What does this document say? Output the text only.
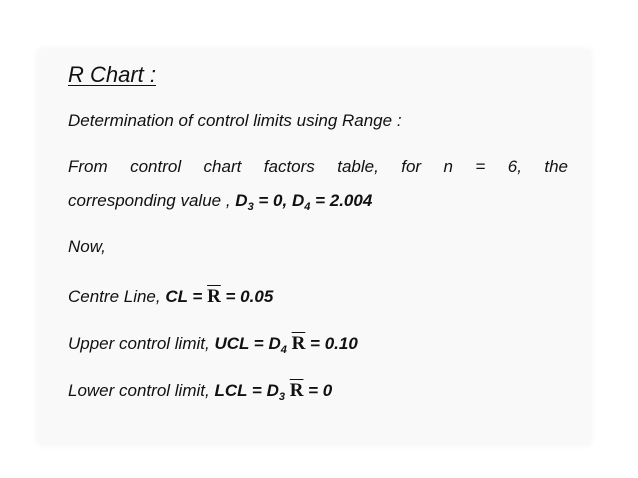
R Chart :
Determination of control limits using Range :
From control chart factors table, for n = 6, the
corresponding value , $D_3 = 0$, $D_4 = 2.004$
Now,
Centre Line, CL = $\overline{R} = 0.05$
Upper control limit, UCL = $D_4$ $\overline{R} = 0.10$
Lower control limit, LCL = $D_3$ $\overline{R} = 0$
